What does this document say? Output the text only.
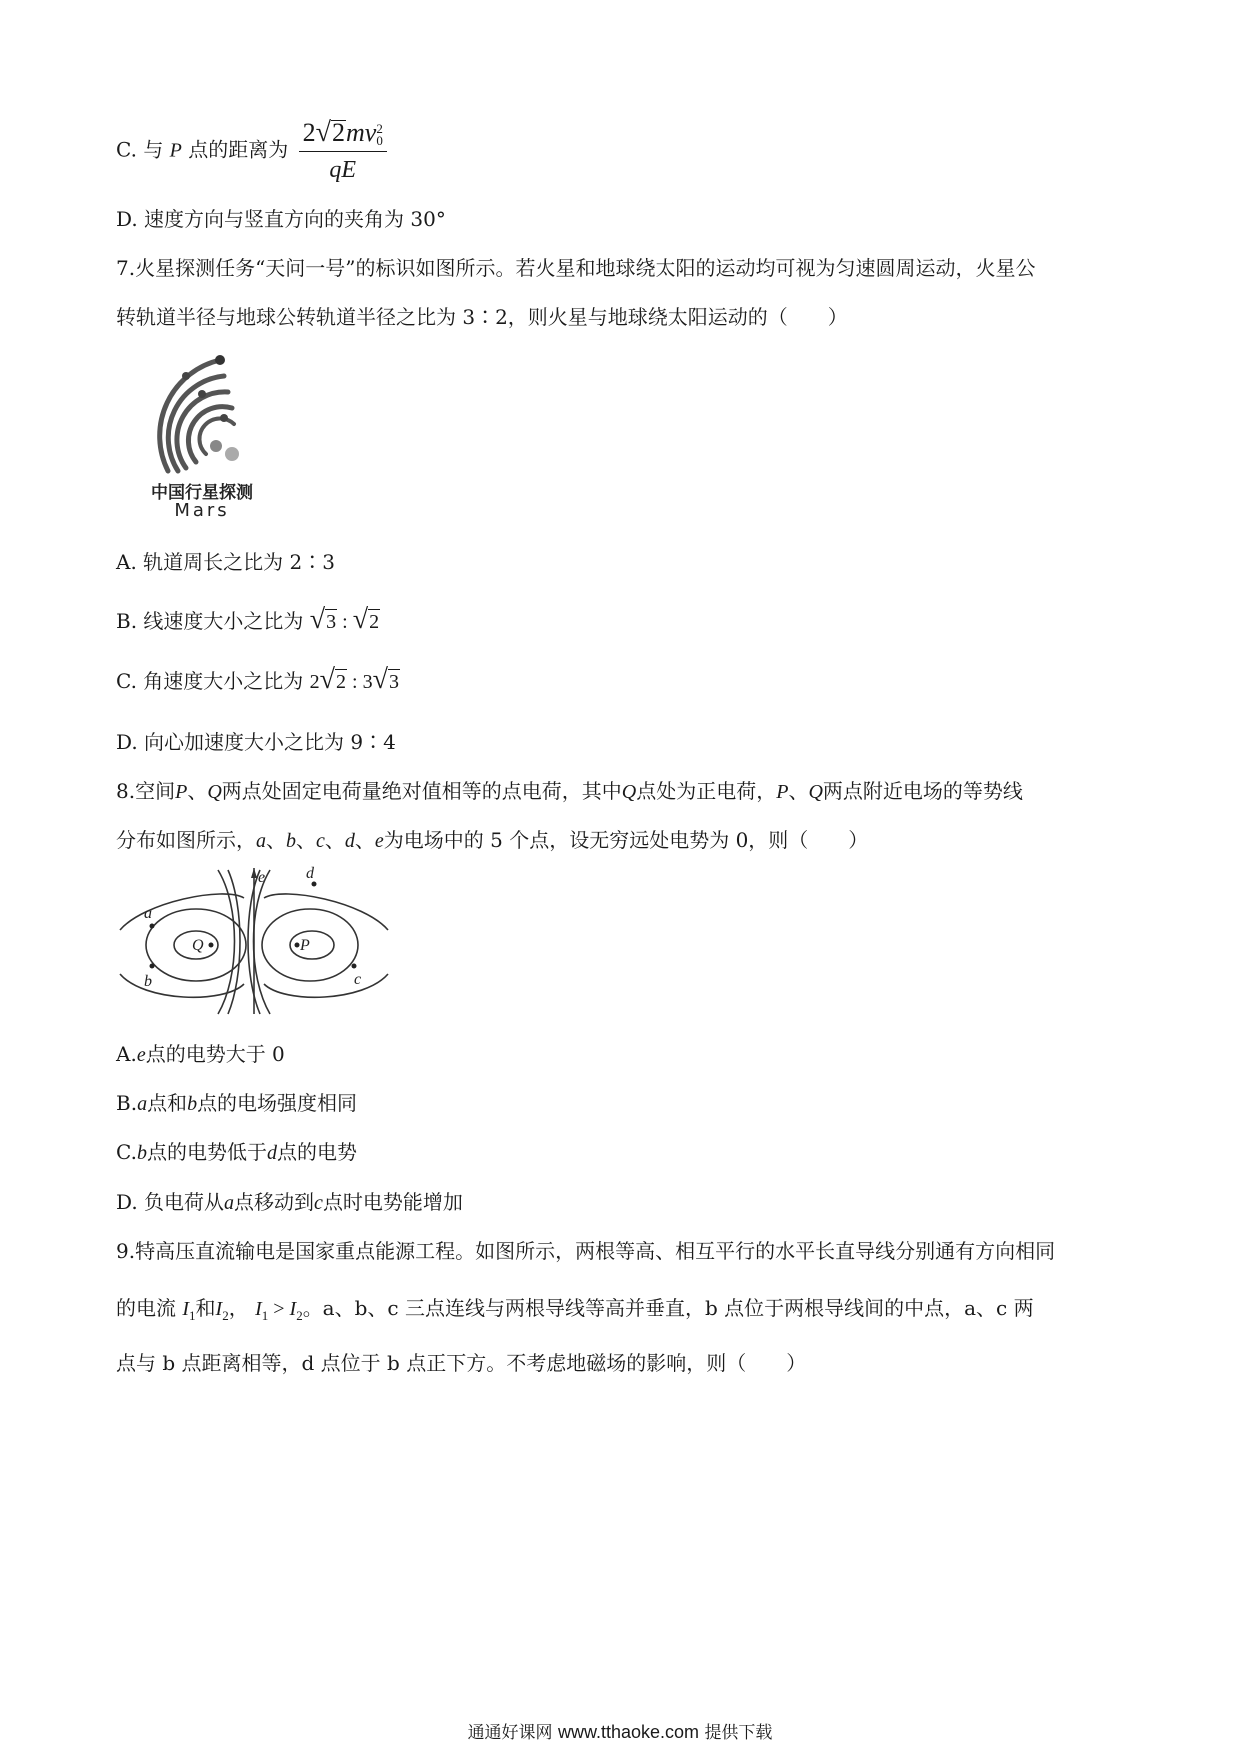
C. 与 P 点的距离为 2√2mv 2
0
qE
D. 速度方向与竖直方向的夹角为 30°
7.火星探测任务“天问一号”的标识如图所示。若火星和地球绕太阳的运动均可视为匀速圆周运动，火星公
转轨道半径与地球公转轨道半径之比为 3∶2，则火星与地球绕太阳运动的（　　）
中国行星探测
Mars
A. 轨道周长之比为 2∶3
B. 线速度大小之比为 √3 : √2
C. 角速度大小之比为 2√2 : 3√3
D. 向心加速度大小之比为 9∶4
8.空间P、Q两点处固定电荷量绝对值相等的点电荷，其中Q点处为正电荷，P、Q两点附近电场的等势线
分布如图所示，a、b、c、d、e为电场中的 5 个点，设无穷远处电势为 0，则（　　）
e
a
b
d
c
Q	P
A.e点的电势大于 0
B.a点和b点的电场强度相同
C.b点的电势低于d点的电势
D. 负电荷从a点移动到c点时电势能增加
9.特高压直流输电是国家重点能源工程。如图所示，两根等高、相互平行的水平长直导线分别通有方向相同
的电流 $I_1$和$I_2$， $I_1 > I_2$。a、b、c 三点连线与两根导线等高并垂直，b 点位于两根导线间的中点，a、c 两
点与 b 点距离相等，d 点位于 b 点正下方。不考虑地磁场的影响，则（　　）
通通好课网 www.tthaoke.com 提供下载
